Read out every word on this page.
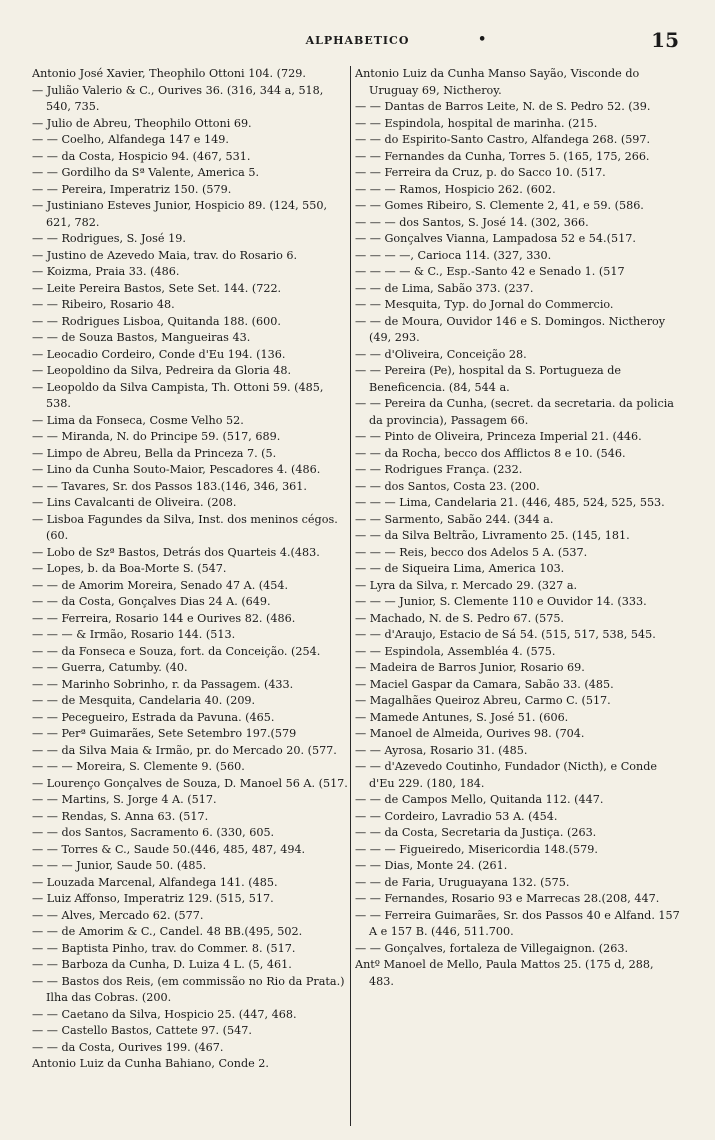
ALPHABETICO	•	15
Antonio José Xavier, Theophilo Ottoni 104. (729.
— Julião Valerio & C., Ourives 36. (316, 344 a, 518, 540, 735.
— Julio de Abreu, Theophilo Ottoni 69.
— — Coelho, Alfandega 147 e 149.
— — da Costa, Hospicio 94. (467, 531.
— — Gordilho da Sª Valente, America 5.
— — Pereira, Imperatriz 150. (579.
— Justiniano Esteves Junior, Hospicio 89. (124, 550, 621, 782.
— — Rodrigues, S. José 19.
— Justino de Azevedo Maia, trav. do Rosario 6.
— Koizma, Praia 33. (486.
— Leite Pereira Bastos, Sete Set. 144. (722.
— — Ribeiro, Rosario 48.
— — Rodrigues Lisboa, Quitanda 188. (600.
— — de Souza Bastos, Mangueiras 43.
— Leocadio Cordeiro, Conde d'Eu 194. (136.
— Leopoldino da Silva, Pedreira da Gloria 48.
— Leopoldo da Silva Campista, Th. Ottoni 59. (485, 538.
— Lima da Fonseca, Cosme Velho 52.
— — Miranda, N. do Principe 59. (517, 689.
— Limpo de Abreu, Bella da Princeza 7. (5.
— Lino da Cunha Souto-Maior, Pescadores 4. (486.
— — Tavares, Sr. dos Passos 183.(146, 346, 361.
— Lins Cavalcanti de Oliveira. (208.
— Lisboa Fagundes da Silva, Inst. dos meninos cégos. (60.
— Lobo de Szª Bastos, Detrás dos Quarteis 4.(483.
— Lopes, b. da Boa-Morte S. (547.
— — de Amorim Moreira, Senado 47 A. (454.
— — da Costa, Gonçalves Dias 24 A. (649.
— — Ferreira, Rosario 144 e Ourives 82. (486.
— — — & Irmão, Rosario 144. (513.
— — da Fonseca e Souza, fort. da Conceição. (254.
— — Guerra, Catumby. (40.
— — Marinho Sobrinho, r. da Passagem. (433.
— — de Mesquita, Candelaria 40. (209.
— — Pecegueiro, Estrada da Pavuna. (465.
— — Perª Guimarães, Sete Setembro 197.(579
— — da Silva Maia & Irmão, pr. do Mercado 20. (577.
— — — Moreira, S. Clemente 9. (560.
— Lourenço Gonçalves de Souza, D. Manoel 56 A. (517.
— — Martins, S. Jorge 4 A. (517.
— — Rendas, S. Anna 63. (517.
— — dos Santos, Sacramento 6. (330, 605.
— — Torres & C., Saude 50.(446, 485, 487, 494.
— — — Junior, Saude 50. (485.
— Louzada Marcenal, Alfandega 141. (485.
— Luiz Affonso, Imperatriz 129. (515, 517.
— — Alves, Mercado 62. (577.
— — de Amorim & C., Candel. 48 BB.(495, 502.
— — Baptista Pinho, trav. do Commer. 8. (517.
— — Barboza da Cunha, D. Luiza 4 L. (5, 461.
— — Bastos dos Reis, (em commissão no Rio da Prata.) Ilha das Cobras. (200.
— — Caetano da Silva, Hospicio 25. (447, 468.
— — Castello Bastos, Cattete 97. (547.
— — da Costa, Ourives 199. (467.
Antonio Luiz da Cunha Bahiano, Conde 2.
Antonio Luiz da Cunha Manso Sayão, Visconde do Uruguay 69, Nictheroy.
— — Dantas de Barros Leite, N. de S. Pedro 52. (39.
— — Espindola, hospital de marinha. (215.
— — do Espirito-Santo Castro, Alfandega 268. (597.
— — Fernandes da Cunha, Torres 5. (165, 175, 266.
— — Ferreira da Cruz, p. do Sacco 10. (517.
— — — Ramos, Hospicio 262. (602.
— — Gomes Ribeiro, S. Clemente 2, 41, e 59. (586.
— — — dos Santos, S. José 14. (302, 366.
— — Gonçalves Vianna, Lampadosa 52 e 54.(517.
— — — —, Carioca 114. (327, 330.
— — — — & C., Esp.-Santo 42 e Senado 1. (517
— — de Lima, Sabão 373. (237.
— — Mesquita, Typ. do Jornal do Commercio.
— — de Moura, Ouvidor 146 e S. Domingos. Nictheroy (49, 293.
— — d'Oliveira, Conceição 28.
— — Pereira (Pe), hospital da S. Portugueza de Beneficencia. (84, 544 a.
— — Pereira da Cunha, (secret. da secretaria. da policia da provincia), Passagem 66.
— — Pinto de Oliveira, Princeza Imperial 21. (446.
— — da Rocha, becco dos Afflictos 8 e 10. (546.
— — Rodrigues França. (232.
— — dos Santos, Costa 23. (200.
— — — Lima, Candelaria 21. (446, 485, 524, 525, 553.
— — Sarmento, Sabão 244. (344 a.
— — da Silva Beltrão, Livramento 25. (145, 181.
— — — Reis, becco dos Adelos 5 A. (537.
— — de Siqueira Lima, America 103.
— Lyra da Silva, r. Mercado 29. (327 a.
— — — Junior, S. Clemente 110 e Ouvidor 14. (333.
— Machado, N. de S. Pedro 67. (575.
— — d'Araujo, Estacio de Sá 54. (515, 517, 538, 545.
— — Espindola, Assembléa 4. (575.
— Madeira de Barros Junior, Rosario 69.
— Maciel Gaspar da Camara, Sabão 33. (485.
— Magalhães Queiroz Abreu, Carmo C. (517.
— Mamede Antunes, S. José 51. (606.
— Manoel de Almeida, Ourives 98. (704.
— — Ayrosa, Rosario 31. (485.
— — d'Azevedo Coutinho, Fundador (Nicth), e Conde d'Eu 229. (180, 184.
— — de Campos Mello, Quitanda 112. (447.
— — Cordeiro, Lavradio 53 A. (454.
— — da Costa, Secretaria da Justiça. (263.
— — — Figueiredo, Misericordia 148.(579.
— — Dias, Monte 24. (261.
— — de Faria, Uruguayana 132. (575.
— — Fernandes, Rosario 93 e Marrecas 28.(208, 447.
— — Ferreira Guimarães, Sr. dos Passos 40 e Alfand. 157 A e 157 B. (446, 511.700.
— — Gonçalves, fortaleza de Villegaignon. (263.
Antº Manoel de Mello, Paula Mattos 25. (175 d, 288, 483.
